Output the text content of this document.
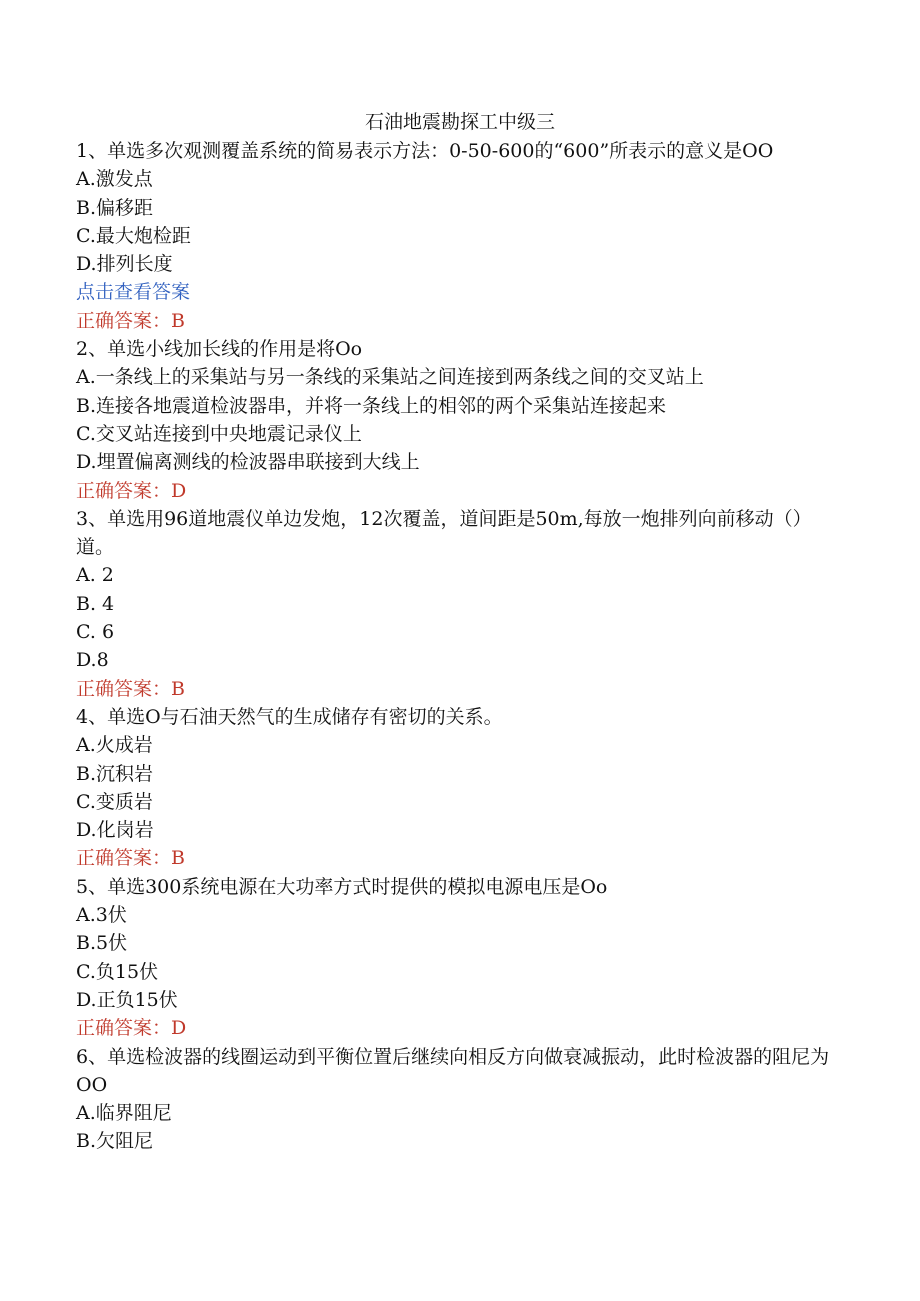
石油地震勘探工中级三
1、单选多次观测覆盖系统的简易表示方法：0-50-600的“600”所表示的意义是OO
A.激发点
B.偏移距
C.最大炮检距
D.排列长度
点击查看答案
正确答案：B
2、单选小线加长线的作用是将Oo
A.一条线上的采集站与另一条线的采集站之间连接到两条线之间的交叉站上
B.连接各地震道检波器串，并将一条线上的相邻的两个采集站连接起来
C.交叉站连接到中央地震记录仪上
D.埋置偏离测线的检波器串联接到大线上
正确答案：D
3、单选用96道地震仪单边发炮，12次覆盖，道间距是50m,每放一炮排列向前移动（）道。
A. 2
B. 4
C. 6
D.8
正确答案：B
4、单选O与石油天然气的生成储存有密切的关系。
A.火成岩
B.沉积岩
C.变质岩
D.化岗岩
正确答案：B
5、单选300系统电源在大功率方式时提供的模拟电源电压是Oo
A.3伏
B.5伏
C.负15伏
D.正负15伏
正确答案：D
6、单选检波器的线圈运动到平衡位置后继续向相反方向做衰减振动，此时检波器的阻尼为OO
A.临界阻尼
B.欠阻尼
